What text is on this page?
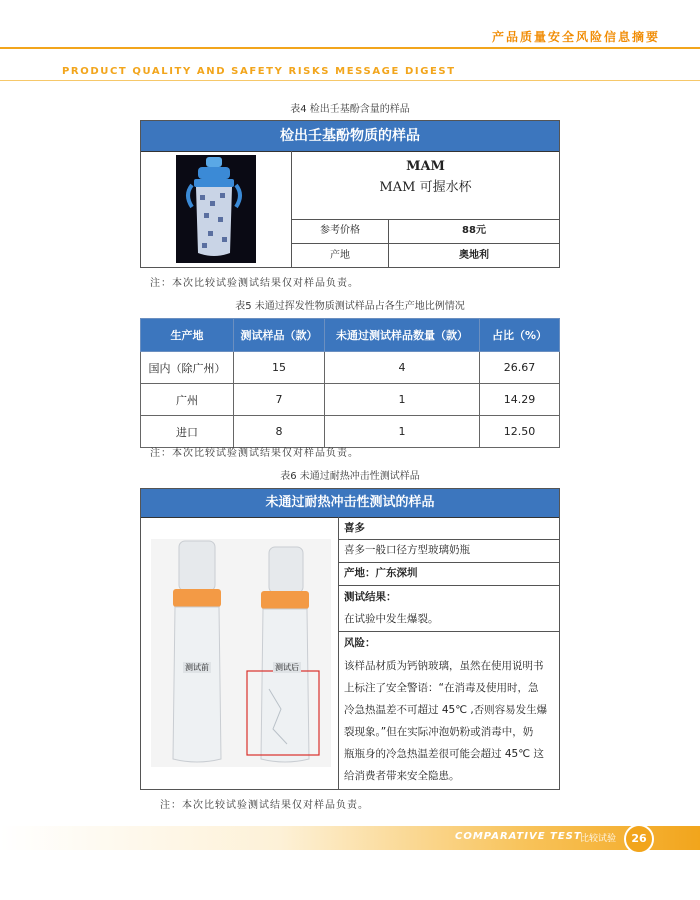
产品质量安全风险信息摘要
PRODUCT QUALITY AND SAFETY RISKS MESSAGE DIGEST
表4 检出壬基酚含量的样品
检出壬基酚物质的样品
MAM
MAM 可握水杯
参考价格	88元
产地	奥地利
注：本次比较试验测试结果仅对样品负责。
表5 未通过挥发性物质测试样品占各生产地比例情况
生产地	测试样品（款）	未通过测试样品数量（款）	占比（%）
国内（除广州）	15	4	26.67
广州	7	1	14.29
进口	8	1	12.50
注：本次比较试验测试结果仅对样品负责。
表6 未通过耐热冲击性测试样品
未通过耐热冲击性测试的样品
测试前	测试后
喜多
喜多一般口径方型玻璃奶瓶
产地：广东深圳
测试结果：
在试验中发生爆裂。
风险：
该样品材质为钙钠玻璃，虽然在使用说明书
上标注了安全警语：“在消毒及使用时，急
冷急热温差不可超过 45℃ ,否则容易发生爆
裂现象。”但在实际冲泡奶粉或消毒中，奶
瓶瓶身的冷急热温差很可能会超过 45℃ 这
给消费者带来安全隐患。
注：本次比较试验测试结果仅对样品负责。
COMPARATIVE TEST
比较试验	26
